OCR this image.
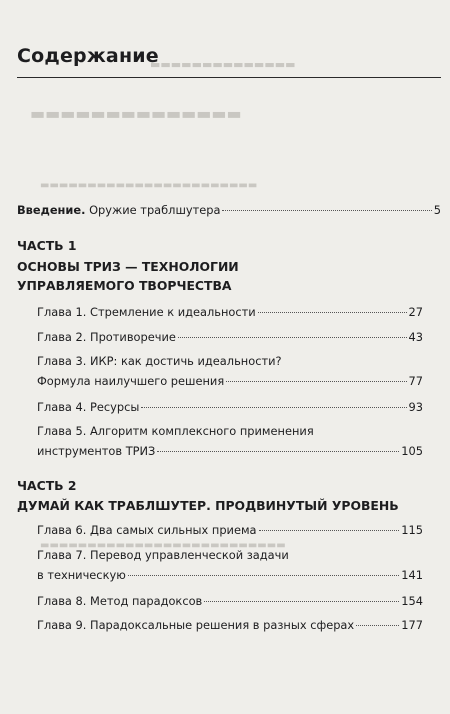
▬▬▬▬▬▬▬▬▬▬▬▬▬▬
▬▬▬▬▬▬▬▬▬▬▬▬▬▬
▬▬▬▬▬▬▬▬▬▬▬▬▬▬▬▬▬▬▬▬▬▬▬
▬▬▬▬▬▬▬▬▬▬▬▬▬▬▬▬▬▬▬▬▬▬▬▬▬▬
Содержание
Введение. Оружие траблшутера	5
ЧАСТЬ 1
ОСНОВЫ ТРИЗ — ТЕХНОЛОГИИ
УПРАВЛЯЕМОГО ТВОРЧЕСТВА
Глава 1. Стремление к идеальности	27
Глава 2. Противоречие	43
Глава 3. ИКР: как достичь идеальности?
Формула наилучшего решения	77
Глава 4. Ресурсы	93
Глава 5. Алгоритм комплексного применения
инструментов ТРИЗ	105
ЧАСТЬ 2
ДУМАЙ КАК ТРАБЛШУТЕР. ПРОДВИНУТЫЙ УРОВЕНЬ
Глава 6. Два самых сильных приема	115
Глава 7. Перевод управленческой задачи
в техническую	141
Глава 8. Метод парадоксов	154
Глава 9. Парадоксальные решения в разных сферах	177
